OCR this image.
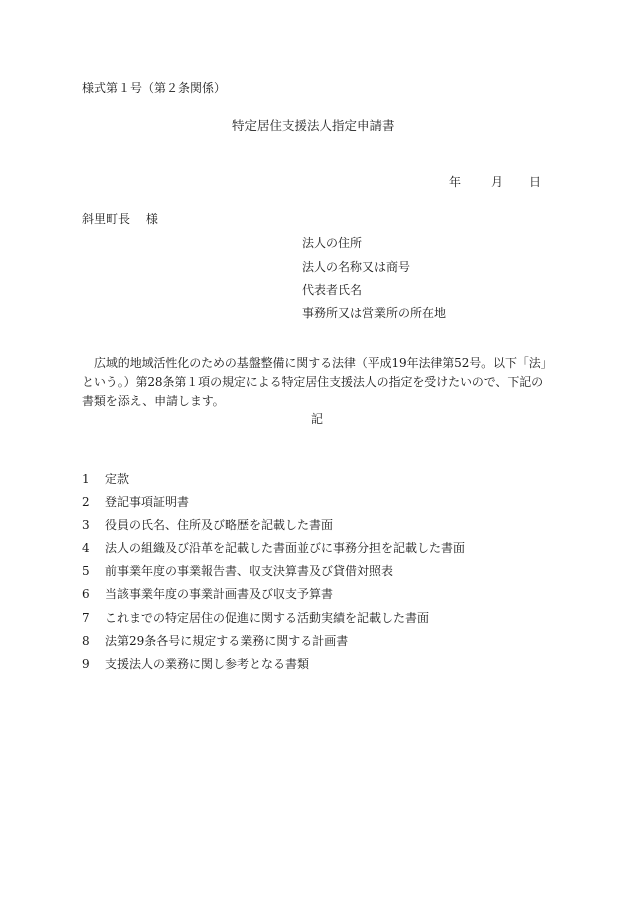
様式第１号（第２条関係）
特定居住支援法人指定申請書
年 月 日
斜里町長　 様
法人の住所
法人の名称又は商号
代表者氏名
事務所又は営業所の所在地
広域的地域活性化のための基盤整備に関する法律（平成19年法律第52号。以下「法」という。）第28条第１項の規定による特定居住支援法人の指定を受けたいので、下記の書類を添え、申請します。
記
1 定款
2 登記事項証明書
3 役員の氏名、住所及び略歴を記載した書面
4 法人の組織及び沿革を記載した書面並びに事務分担を記載した書面
5 前事業年度の事業報告書、収支決算書及び貸借対照表
6 当該事業年度の事業計画書及び収支予算書
7 これまでの特定居住の促進に関する活動実績を記載した書面
8 法第29条各号に規定する業務に関する計画書
9 支援法人の業務に関し参考となる書類
